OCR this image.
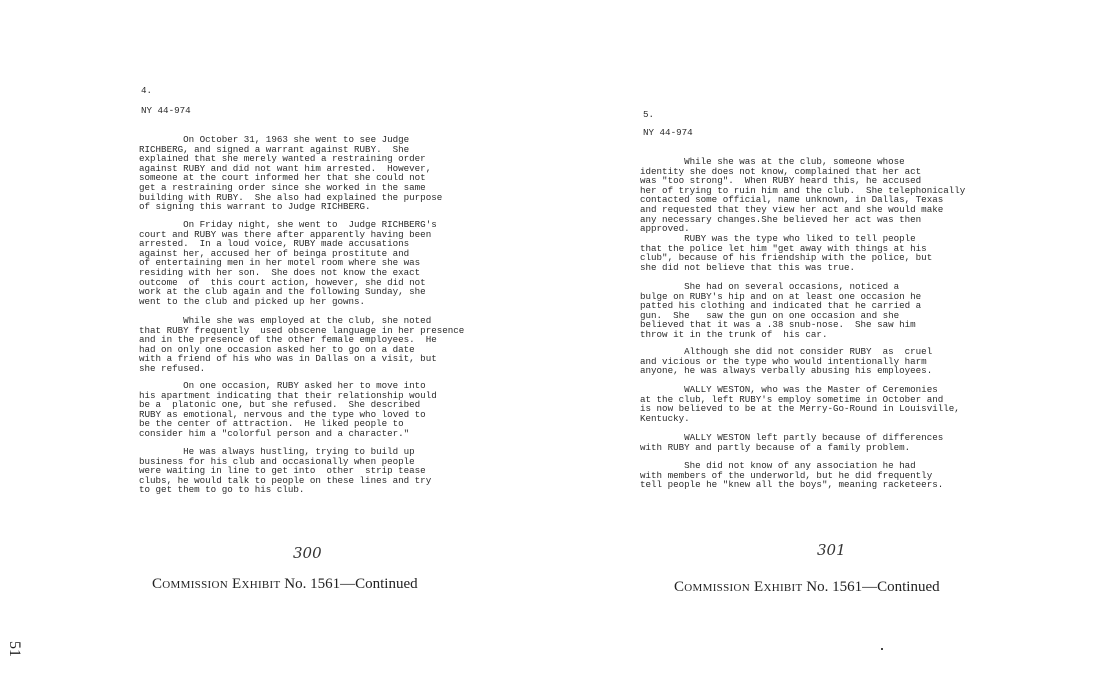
4.
NY 44-974
On October 31, 1963 she went to see Judge
RICHBERG, and signed a warrant against RUBY.  She
explained that she merely wanted a restraining order
against RUBY and did not want him arrested.  However,
someone at the court informed her that she could not
get a restraining order since she worked in the same
building with RUBY.  She also had explained the purpose
of signing this warrant to Judge RICHBERG.
On Friday night, she went to  Judge RICHBERG's
court and RUBY was there after apparently having been
arrested.  In a loud voice, RUBY made accusations
against her, accused her of beinga prostitute and
of entertaining men in her motel room where she was
residing with her son.  She does not know the exact
outcome  of  this court action, however, she did not
work at the club again and the following Sunday, she
went to the club and picked up her gowns.
While she was employed at the club, she noted
that RUBY frequently  used obscene language in her presence
and in the presence of the other female employees.  He
had on only one occasion asked her to go on a date
with a friend of his who was in Dallas on a visit, but
she refused.
On one occasion, RUBY asked her to move into
his apartment indicating that their relationship would
be a  platonic one, but she refused.  She described
RUBY as emotional, nervous and the type who loved to
be the center of attraction.  He liked people to
consider him a "colorful person and a character."
He was always hustling, trying to build up
business for his club and occasionally when people
were waiting in line to get into  other  strip tease
clubs, he would talk to people on these lines and try
to get them to go to his club.
300
Commission Exhibit No. 1561—Continued
5.
NY 44-974
While she was at the club, someone whose
identity she does not know, complained that her act
was "too strong".  When RUBY heard this, he accused
her of trying to ruin him and the club.  She telephonically
contacted some official, name unknown, in Dallas, Texas
and requested that they view her act and she would make
any necessary changes.She believed her act was then
approved.
RUBY was the type who liked to tell people
that the police let him "get away with things at his
club", because of his friendship with the police, but
she did not believe that this was true.
She had on several occasions, noticed a
bulge on RUBY's hip and on at least one occasion he
patted his clothing and indicated that he carried a
gun.  She   saw the gun on one occasion and she
believed that it was a .38 snub-nose.  She saw him
throw it in the trunk of  his car.
Although she did not consider RUBY  as  cruel
and vicious or the type who would intentionally harm
anyone, he was always verbally abusing his employees.
WALLY WESTON, who was the Master of Ceremonies
at the club, left RUBY's employ sometime in October and
is now believed to be at the Merry-Go-Round in Louisville,
Kentucky.
WALLY WESTON left partly because of differences
with RUBY and partly because of a family problem.
She did not know of any association he had
with members of the underworld, but he did frequently
tell people he "knew all the boys", meaning racketeers.
301
Commission Exhibit No. 1561—Continued
51
